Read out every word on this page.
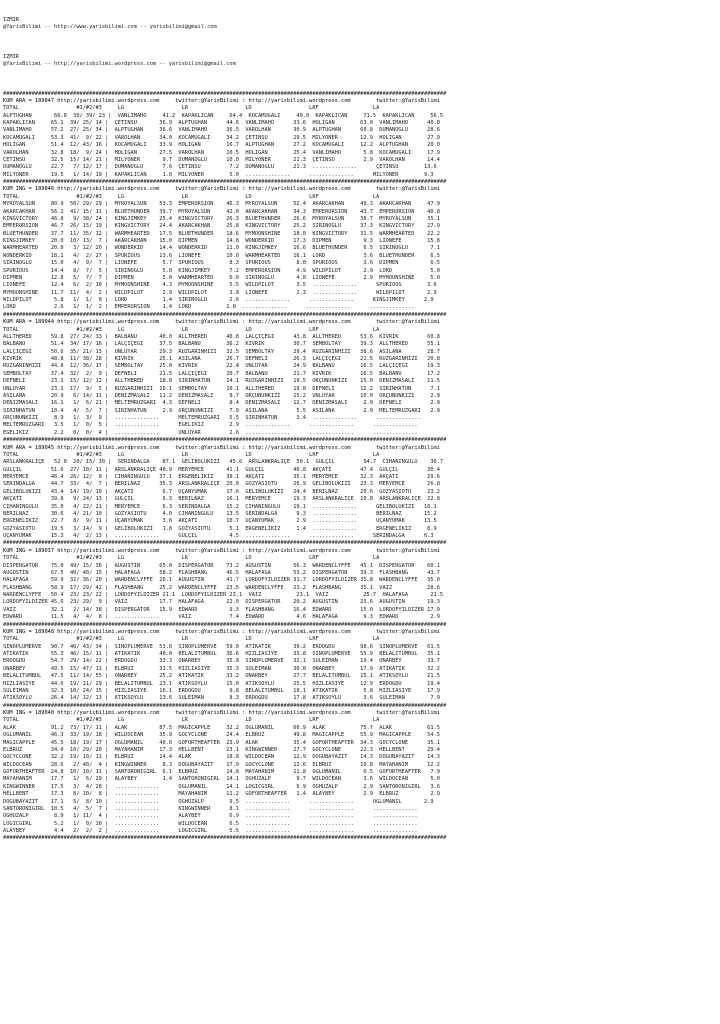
IZMIR
@YarisBilimi -- http://www.yarisbilimi.com -- yarisbilimi@gmail.com

IZMIR
@YarisBilimi -- http://yarisbilimi.wordpress.com -- yarisbilimi@gmail.com

###########################################################################################################################################
KUM ARA = 189047 http://yarisbilimi.wordpress.com     twitter:@YarisBilimi : http://yarisbilimi.wordpress.com        twitter:@YarisBilimi
TOTAL                  #1/#2/#3     LG                  LR                  LD                  LRF                 LA
ALPTUGHAN       66.8  30/ 39/ 23 |  VANLIMAHO     41.2  KAPAKLICAN     64.4  KOCAMUGALI     40.0  KAPAKLICAN     71.5  KAPAKLICAN     56.5
KAPAKLICAN     65.1  39/ 25/ 14 |  ÇETINSU       36.9  ALPTUGHAN      44.6  VANLIMAHO      33.6  HOLIGAN        63.0  VANLIMAHO      40.8
VANLIMAHO      57.2  27/ 25/ 34 |  ALPTUGHAN     36.6  VANLIMAHO      36.5  VAROLHAN       30.9  ALPTUGHAN      60.8  DUMANOGLU      28.6
KOCAMUGALI     53.3  41/  9/ 22 |  VAROLHAN      34.0  KOCAMUGALI     34.2  ÇETINSU        29.5  MILYONER       12.9  HOLIGAN        27.9
HOLIGAN        51.4  12/ 43/ 16 |  KOCAMUGALI    33.9  HOLIGAN        16.7  ALPTUGHAN      27.2  KOCAMUGALI     12.2  ALPTUGHAN      20.0
VAROLHAN       32.8  18/  9/ 24 |  HOLIGAN       27.5  VAROLHAN       10.5  HOLIGAN        25.4  VANLIMAHO       5.8  KOCAMUGALI     17.9
ÇETINSU        32.5  15/ 14/ 21 |  MILYONER       9.7  DUMANOGLU      10.0  MILYONER       21.3  ÇETINSU         2.9  VAROLHAN       14.4
DUMANOGLU      22.7   7/ 12/ 17 |  DUMANOGLU      7.6  ÇETINSU         7.2  DUMANOGLU      21.3  ..............      ÇETINSU        13.6
MILYONER       19.5   1/ 14/ 19 |  KAPAKLICAN     1.8  MILYONER        5.0  ..............      ..............      MILYONER        9.3
###########################################################################################################################################
KUM ING = 189046 http://yarisbilimi.wordpress.com     twitter:@YarisBilimi : http://yarisbilimi.wordpress.com        twitter:@YarisBilimi
TOTAL                  #1/#2/#3     LG                  LR                  LD                  LRF                 LA
MYROYALSUN     80.9  50/ 29/ 29 |  MYROYALSUN    53.3  EMPERORSION    46.3  MYROYALSUN     52.4  AKARCAKHAN     49.3  AKARCAKHAN     47.9
AKARCAKHAN     56.1  41/ 15/ 11 |  BLUETHUNDER   39.7  MYROYALSUN     42.0  AKARCAKHAN     34.3  EMPERORSION    43.7  EMPERORSION    40.8
KINGVICTORY    46.8   9/ 38/ 24 |  KINGJIMKEY    25.4  KINGVICTORY    26.3  BLUETHUNDER    26.6  MYROYALSUN     38.7  MYROYALSUN     35.1
EMPERORSION    46.7  26/ 15/ 19 |  KINGVICTORY   24.4  AKARCAKHAN     25.8  KINGVICTORY    25.2  SIRINOGLU      37.3  KINGVICTORY    27.9
BLUETHUNDER    37.7  11/ 35/ 12 |  WARMHEARTED   17.5  BLUETHUNDER    18.6  MYMOONSHINE    18.0  KINGVICTORY    31.5  WARMHEARTED    22.2
KINGJIMKEY     20.0  10/ 13/  7 |  AKARCAKHAN    15.0  DIPMEN         14.8  WONDERKID      17.3  DIPMEN          9.3  LIONEFE        15.8
WARMHEARTED    20.0   3/ 12/ 20 |  WONDERKID     14.4  WONDERKID      11.0  KINGJIMKEY     16.6  BLUETHUNDER     6.5  SIRINOGLU       7.1
WONDERKID      18.1   4/  2/ 27 |  SPURIOUS      13.6  LIONEFE        10.0  WARMHEARTED    16.1  LORD            3.6  BLUETHUNDER     6.5
SIRINOGLU      15.0   4/  9/  7 |  LIONEFE        5.7  SPURIOUS        8.3  SPURIOUS        8.0  SPURIOUS        3.6  DIPMEN          6.5
SPURIOUS       14.4   8/  7/  5 |  SIRINOGLU      5.0  KINGJIMKEY      7.2  EMPERORSION     4.9  WILDPILOT       2.9  LORD            5.0
DIPMEN         12.8   5/  7/  7 |  DIPMEN         5.0  WARMHEARTED     6.0  SIRINOGLU       4.0  LIONEFE         2.9  MYMOONSHINE     5.0
LIONEFE        12.4   6/  2/ 10 |  MYMOONSHINE    4.3  MYMOONSHINE     5.5  WILDPILOT       3.5  ..............      SPURIOUS        3.6
MYMOONSHINE    11.7  11/  4/  2 |  WILDPILOT      2.9  WILDPILOT       3.8  LIONEFE         2.3  ..............      WILDPILOT       2.9
WILDPILOT       5.8   1/  1/  8 |  LORD           1.4  SIRINOGLU       2.6  ..............      ..............      KINGJIMKEY      2.9
LORD            2.6   1/  1/  2 |  EMPERORSION    1.4  LORD           1.0  ..............      ..............      ..............
###########################################################################################################################################
KUM ARA = 189044 http://yarisbilimi.wordpress.com     twitter:@YarisBilimi : http://yarisbilimi.wordpress.com        twitter:@YarisBilimi
TOTAL                  #1/#2/#3     LG                  LR                  LD                  LRF                 LA
ALLTHERED      59.8  27/ 24/ 33 |  BALBANU       40.0  ALLTHERED      40.8  LALÇIÇEGI      43.8  ALLTHERED      53.6  KIVRIK         60.8
BALBANU        51.4  34/ 17/ 16 |  LALÇIÇEGI     37.5  BALBANU        36.2  KIVRIK         30.7  SEMBOLTAY      39.3  ALLTHERED      55.1
LALÇIÇEGI      50.6  35/ 21/ 13 |  ÜNLÜYAR       29.3  RÜZGARINHIZI   32.5  SEMBOLTAY      29.4  RÜZGARINHIZI   38.6  ASILANA        28.7
KIVRIK         48.8  11/ 38/ 28 |  KIVRIK        25.1  ASILANA        26.7  DEFNELI        26.3  LALÇIÇEGI      21.5  RÜZGARINHIZI   20.8
RÜZGARINHIZI   44.8  12/ 36/ 17 |  SEMBOLTAY     25.0  KIVRIK         22.4  ÜNLÜYAR        24.9  BALBANU        16.5  LALÇIÇEGI      19.3
SEMBOLTAY      37.4  32/  2/  9 |  DEFNELI       21.5  LALÇIÇEGI      20.7  BALBANU        21.7  KIVRIK         16.5  BALBANU        17.2
DEFNELI        23.1  15/ 12/ 12 |  ALLTHERED     18.8  SIRINHATUN     14.1  RÜZGARINHIZI   19.5  ORÇUNUNKIZI    15.0  DENIZMASALI    11.5
ÜNLÜYAR        23.1  17/  9/  5 |  RÜZGARINHIZI  16.1  SEMBOLTAY      10.1  ALLTHERED      19.0  DEFNELI        12.2  SIRINHATUN      7.1
ASILANA        20.9   6/ 14/ 11 |  DENIZMASALI   11.2  DENIZMASALI     8.7  ORÇUNUNKIZI    15.2  ÜNLÜYAR        10.0  ORÇUNUNKIZI     2.9
DENIZMASALI    16.1   1/  6/ 21 |  MELTEMRÜZGARI  4.3  DEFNELI         8.4  DENIZMASALI    12.7  DENIZMASALI     2.9  DEFNELI         2.9
SIRINHATUN     10.4   4/  5/  7 |  SIRINHATUN     2.9  ORÇUNUNKIZI     7.9  ASILANA         5.5  ASILANA         2.9  MELTEMRÜZGARI   2.9
ORÇUNUNKIZI     8.9   1/  3/  9 |  ..............      MELTEMRÜZGARI   5.5  SIRINHATUN      3.4  ..............      ..............
MELTEMRÜZGARI   3.5   1/  0/  5 |  ..............      EGELIKIZ        2.9  ..............      ..............      ..............
EGELIKIZ        2.2   0/  0/  4 |  ..............      ÜNLÜYAR         2.6  ..............      ..............      ..............
###########################################################################################################################################
KUM ARA = 189045 http://yarisbilimi.wordpress.com     twitter:@YarisBilimi : http://yarisbilimi.wordpress.com        twitter:@YarisBilimi
TOTAL                  #1/#2/#3     LG                  LR                  LD                  LRF                 LA
ARSLANKRALIÇE   52.0  20/ 15/ 30 |  SERINDALGA    87.1  GELIBOLUKIZI   45.6  ARSLANKRALIÇE  50.1  GÜLÇIL         94.7  CIHANINGÜLÜ    36.7
GÜLÇIL         51.6  27/ 10/ 11 |  ARSLANKRALIÇE 40.9  MERYEMCE       41.1  GÜLÇIL         40.8  AKÇATI         47.4  GÜLÇIL         30.4
MERYEMCE       46.4  26/ 12/  8 |  CIHANINGÜLÜ   37.1  ERGENELIKIZ    39.1  AKÇATI         35.1  MERYEMCE       32.3  AKÇATI         29.6
SERINDALGA     44.7  33/  4/  7 |  BERILNAZ      35.3  ARSLANKRALIÇE  20.0  GÖZYASIOTU     26.9  GELIBOLUKIZI   23.3  MERYEMCE       26.8
GELIBOLUKIZI   43.4  14/ 19/ 19 |  AKÇATI         6.7  UÇANYUMAK      17.6  GELIBOLUKIZI   24.4  BERILNAZ       20.6  GÖZYASIOTU     23.2
AKÇATI         39.8   9/ 24/ 13 |  GÜLÇIL         6.3  BERILNAZ       16.1  MERYEMCE       19.3  ARSLANKRALIÇE  10.8  ARSLANKRALIÇE  22.8
CIHANINGÜLÜ    35.0   4/ 22/ 21 |  MERYEMCE       6.3  SERINDALGA     15.2  CIHANINGÜLÜ    19.1  ..............      GELIBOLUKIZI   16.1
BERILNAZ       30.6   4/ 21/ 10 |  GÖZYASIOTU     4.0  CIHANINGÜLÜ    13.5  SERINDALGA      9.3  ..............      BERILNAZ       15.2
ERGENELIKIZ    22.7   8/  9/ 11 |  UÇANYUMAK      3.6  AKÇATI         10.7  UÇANYUMAK       2.9  ..............      UÇANYUMAK      13.5
GÖZYASIOTU     19.5   3/ 14/  9 |  GELIBOLUKIZI   1.8  GÖZYASIOTU      5.1  ERGENELIKIZ     1.4  ..............      ERGENELIKIZ     8.9
UÇANYUMAK      15.3   4/  2/ 13 |  ..............      GÜLÇIL          4.5  ..............      ..............      SERINDALGA      6.3
###########################################################################################################################################
KUM ING = 189037 http://yarisbilimi.wordpress.com     twitter:@YarisBilimi : http://yarisbilimi.wordpress.com        twitter:@YarisBilimi
TOTAL                  #1/#2/#3     LG                  LR                  LD                  LRF                 LA
DISPERGATÖR    75.0  49/ 15/ 36 |  AUGUSTIN      65.0  DISPERGATÖR    73.2  AUGUSTIN       56.3  WARDENCLYFFE   45.1  DISPERGATÖR    60.1
AUGUSTIN       67.5  40/ 40/ 15 |  HALAFAGA      58.2  FLASHBANG      46.5  HALAFAGA       53.2  DISPERGATÖR    39.3  FLASHBANG      43.7
HALAFAGA       59.9  32/ 36/ 20 |  WARDENCLYFFE  26.1  AUGUSTIN       41.7  LORDOFYILDIZER 31.7  LORDOFYILDIZER 35.8  WARDENCLYFFE   35.0
FLASHBANG      58.9  17/ 29/ 42 |  FLASHBANG     25.2  WARDENCLYFFE   23.5  WARDENCLYFFE   23.2  FLASHBANG      35.1  VAIZ           28.6
WARDENCLYFFE   50.4  23/ 23/ 22 |  LORDOFYILDIZER 21.1  LORDOFYILDIZER 23.1  VAIZ           23.1  VAIZ           25.7  HALAFAGA       21.5
LORDOFYILDIZER 45.6  23/ 29/  9 |  VAIZ          17.7  HALAFAGA       22.0  DISPERGATÖR    20.2  AUGUSTIN       23.6  AUGUSTIN       19.3
VAIZ           32.1   2/ 14/ 38 |  DISPERGATÖR   15.9  EDWARD          9.3  FLASHBANG      16.4  EDWARD         15.0  LORDOFYILDIZER 17.9
EDWARD         11.5   4/  4/  8 |  ..............      VAIZ            7.4  EDWARD          4.6  HALAFAGA        9.3  EDWARD          2.9
###########################################################################################################################################
KUM ING = 189048 http://yarisbilimi.wordpress.com     twitter:@YarisBilimi : http://yarisbilimi.wordpress.com        twitter:@YarisBilimi
TOTAL                  #1/#2/#3     LG                  LR                  LD                  LRF                 LA
SINOPLUMERVE   90.7  46/ 43/ 34 |  SINOPLUMERVE  53.6  SINOPLUMERVE   59.0  ATIKATIK       39.2  ERDOGDU        98.6  SINOPLUMERVE   61.5
ATIKATIK       55.3  46/ 15/ 11 |  ATIKATIK      40.0  BELALITUMBUL   36.6  HIZLIASIYE     33.8  SINOPLUMERVE   55.9  BELALITUMBUL   35.1
ERDOGDU        54.7  29/ 14/ 22 |  ERDOGDU       33.3  ONARBEY        35.8  SINOPLUMERVE   32.1  SULEIMAN       19.4  ONARBEY        33.7
ONARBEY        49.5  15/ 47/ 11 |  ELBRUZ        31.5  HIZLIASIYE     35.3  SULEIMAN       30.0  ONARBEY        17.9  ATIKATIK       32.2
BELALITUMBUL   47.5  11/ 14/ 55 |  ONARBEY       25.2  ATIKATIK       33.2  ONARBEY        27.7  BELALITUMBUL   15.1  ATIKSOYLU      21.5
HIZLIASIYE     44.6  19/ 21/ 29 |  BELALITUMBUL  23.1  ATIKSOYLU      15.0  ATIKSOYLU      25.5  HIZLIASIYE     12.9  ERDOGDU        19.4
SULEIMAN       32.3  10/ 24/ 15 |  HIZLIASIYE    16.1  ERDOGDU         9.8  BELALITUMBUL   18.1  ATIKATIK        5.8  HIZLIASIYE     17.9
ATIKSOYLU      26.4  14/ 12/ 13 |  ATIKSOYLU     13.6  SULEIMAN        8.3  ERDOGDU        17.8  ATIKSOYLU       3.6  SULEIMAN        7.9
###########################################################################################################################################
KUM ING = 189040 http://yarisbilimi.wordpress.com     twitter:@YarisBilimi : http://yarisbilimi.wordpress.com        twitter:@YarisBilimi
TOTAL                  #1/#2/#3     LG                  LR                  LD                  LRF                 LA
ALAK           91.2  73/ 17/ 11 |  ALAK          87.5  MAGICAPPLE     32.2  OGLUMANIL      60.9  ALAK           75.7  ALAK           61.5
OGLUMANIL      46.3  33/ 19/ 18 |  WILDOCEAN     35.9  GOCYCLONE      24.4  ELBRUZ         49.8  MAGICAPPLE     55.9  MAGICAPPLE     54.5
MAGICAPPLE     45.5  18/ 19/ 17 |  OGLUMANIL     40.6  GOFORTHEAFTER  23.9  ALAK           35.4  GOFORTHEAFTER  34.3  GOCYCLONE      35.1
ELBRUZ         34.0  10/ 29/ 20 |  MAYAHANIM     17.3  HELLBENT       23.1  KINGWINNER     27.7  GOCYCLONE      22.3  HELLBENT       29.4
GOCYCLONE      32.2  19/ 10/ 11 |  ELBRUZ        14.4  ALAK           18.8  WILDOCEAN      12.9  DOGUBAYAZIT    14.3  DOGUBAYAZIT    14.3
WILDOCEAN      28.6   2/ 40/  4 |  KINGWINNER     8.3  DOGUBAYAZIT    17.9  GOCYCLONE      12.6  ELBRUZ         10.8  MAYAHANIM      12.2
GOFORTHEAFTER  24.8  10/ 10/ 11 |  SANTORONIGIRL  6.1  ELBRUZ         14.8  MAYAHANIM      11.8  OGLUMANIL       6.5  GOFORTHEAFTER   7.9
MAYAHANIM      17.7   1/  6/ 29 |  ALAYBEY        1.4  SANTORONIGIRL  14.1  OGHUZALP        9.7  WILDOCEAN       3.6  WILDOCEAN       5.0
KINGWINNER     17.5   3/  4/ 28 |  ..............      OGLUMANIL      14.1  LOGICGIRL       6.9  OGHUZALP        2.9  SANTORONIGIRL   3.6
HELLBENT       17.3   8/ 10/  8 |  ..............      MAYAHANIM      11.2  GOFORTHEAFTER   1.4  ALAYBEY         2.9  ELBRUZ          2.9
DOGUBAYAZIT    17.1   5/  8/ 10 |  ..............      OGHUZALP        9.5  ..............      ..............      OGLUMANIL       2.9
SANTORONIGIRL  10.5   4/  5/  7 |  ..............      KINGWINNER      8.1  ..............      ..............      ..............
OGHUZALP        8.9   1/ 11/  4 |  ..............      ALAYBEY         6.9  ..............      ..............      ..............
LOGICGIRL       5.2   1/  0/ 10 |  ..............      WILDOCEAN       6.5  ..............      ..............      ..............
ALAYBEY         4.4   2/  2/  2 |  ..............      LOGICGIRL       5.5  ..............      ..............      ..............
###########################################################################################################################################
